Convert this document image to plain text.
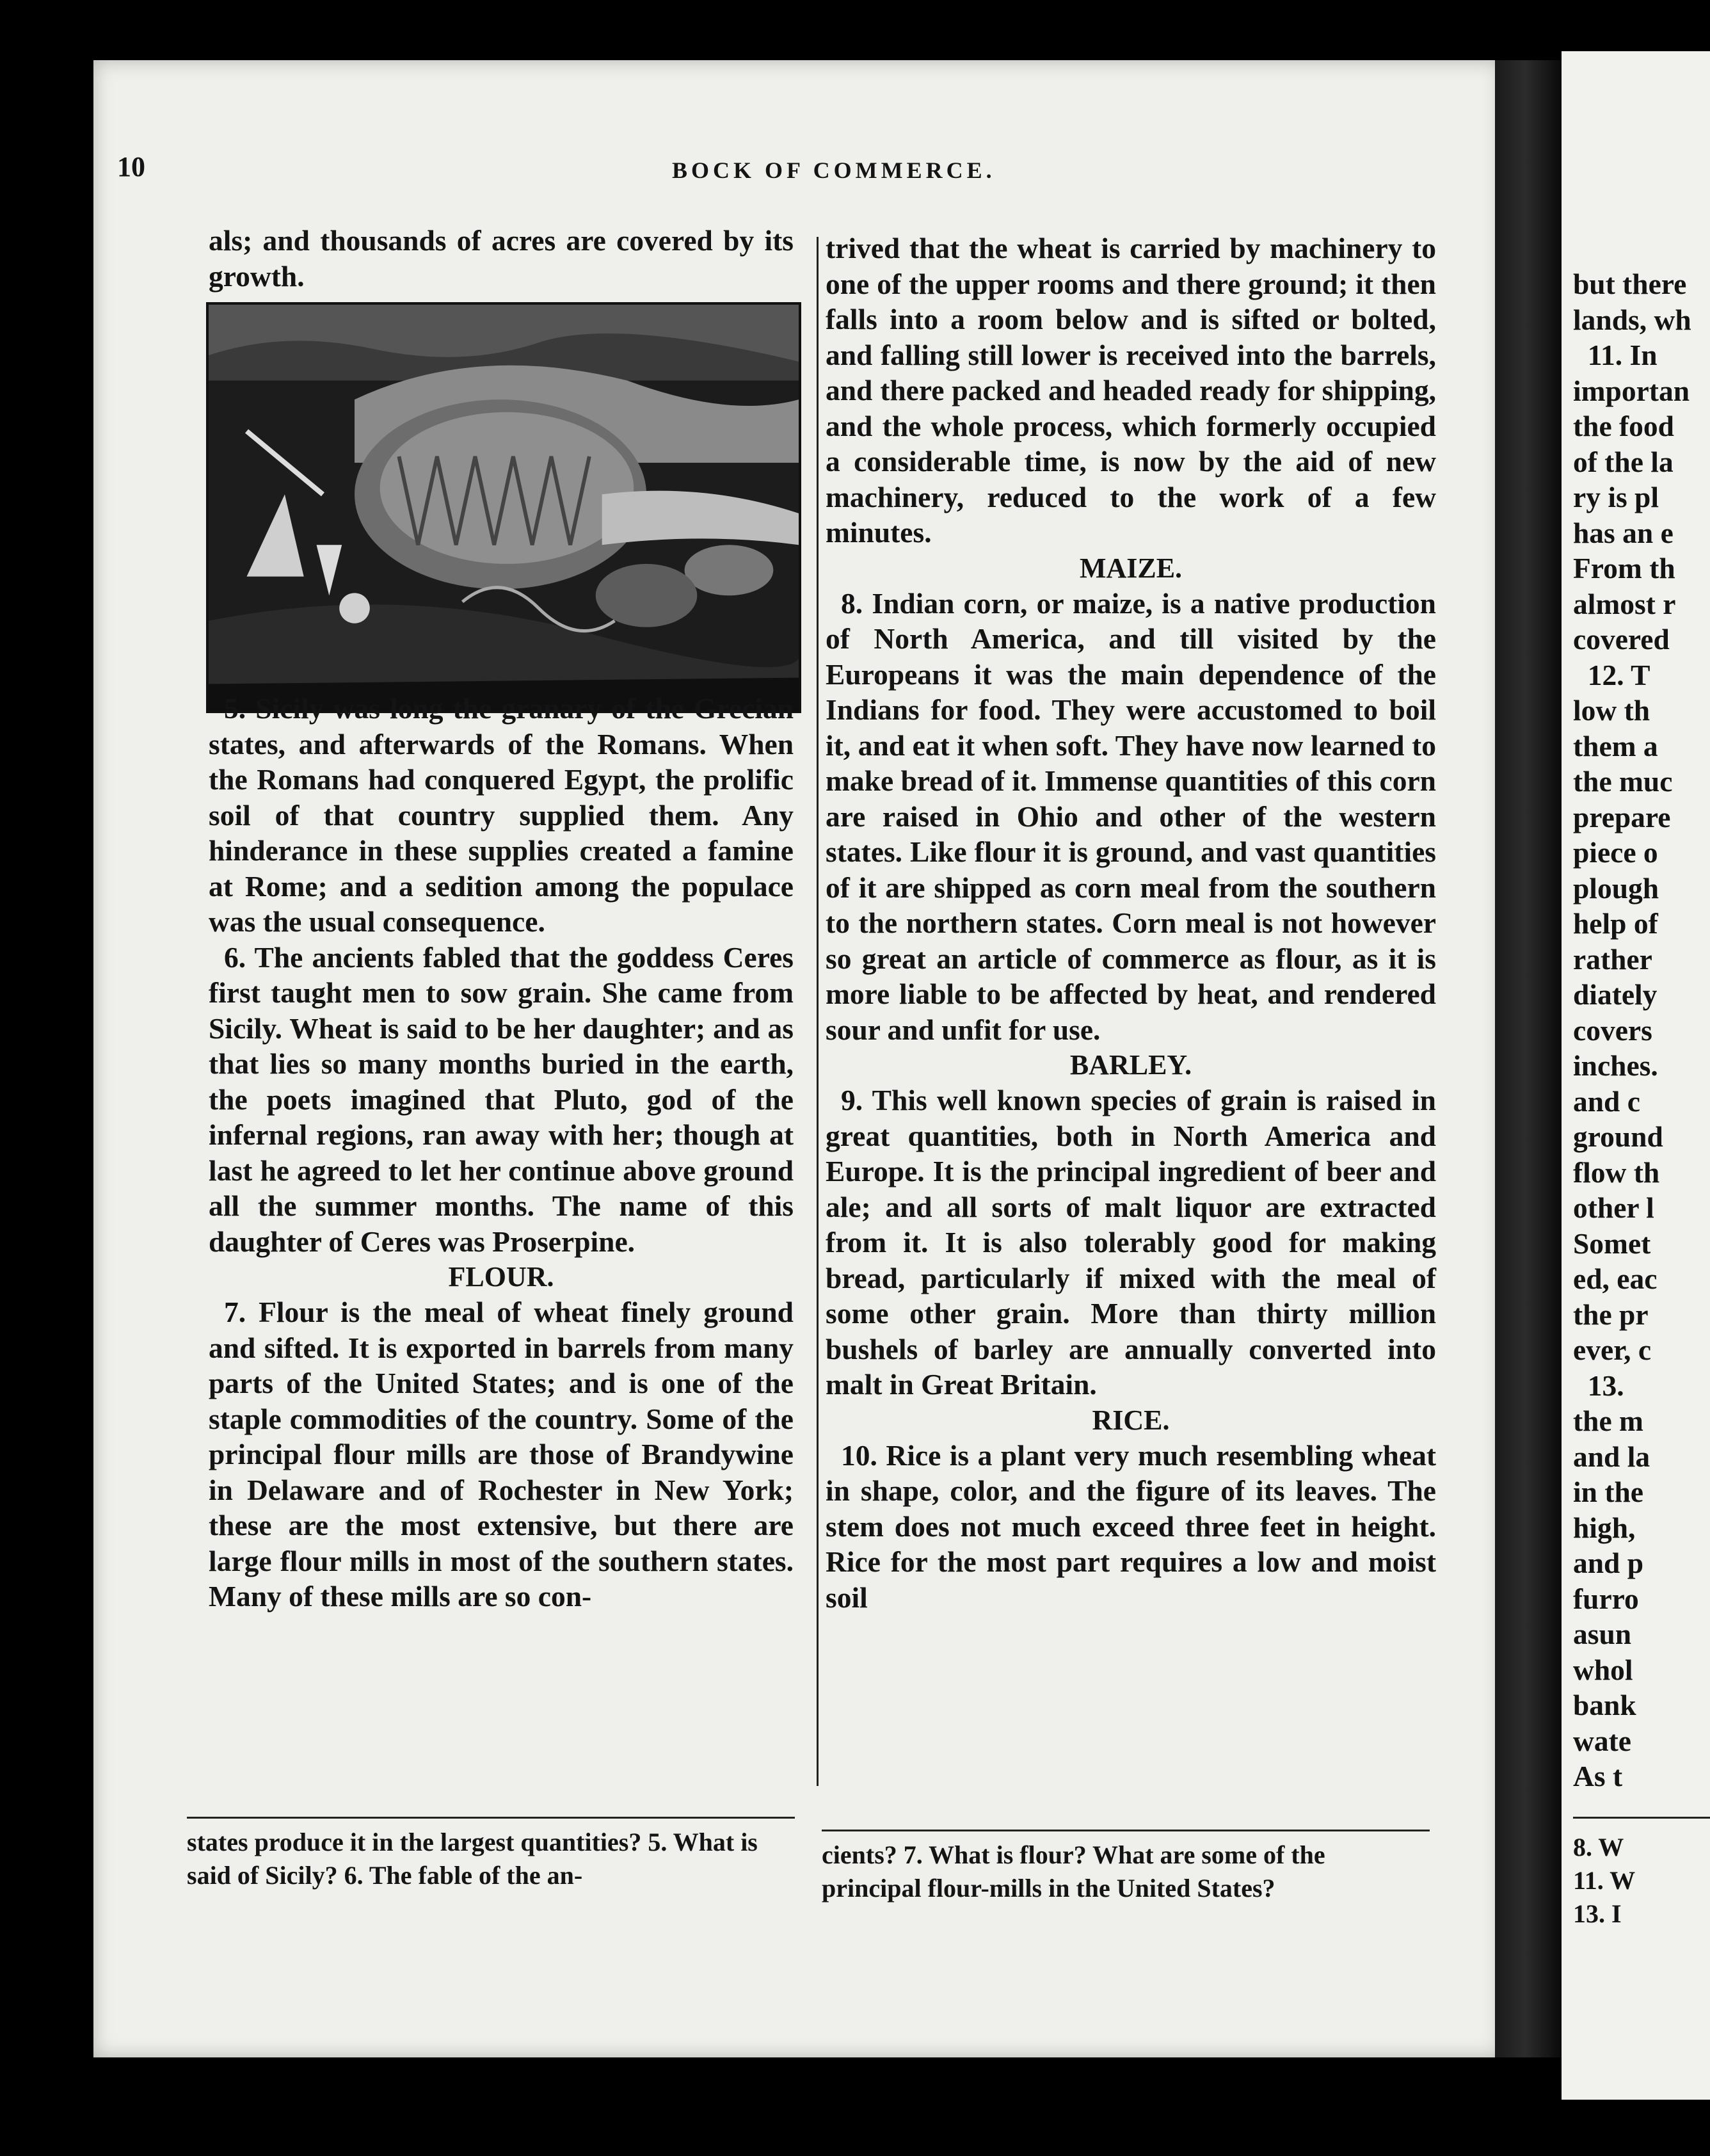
10	BOCK OF COMMERCE.

als; and thousands of acres are covered by its growth.

5. Sicily was long the granary of the Grecian states, and afterwards of the Romans. When the Romans had conquered Egypt, the prolific soil of that country supplied them. Any hinderance in these supplies created a famine at Rome; and a sedition among the populace was the usual consequence.

6. The ancients fabled that the goddess Ceres first taught men to sow grain. She came from Sicily. Wheat is said to be her daughter; and as that lies so many months buried in the earth, the poets imagined that Pluto, god of the infernal regions, ran away with her; though at last he agreed to let her continue above ground all the summer months. The name of this daughter of Ceres was Proserpine.

FLOUR.

7. Flour is the meal of wheat finely ground and sifted. It is exported in barrels from many parts of the United States; and is one of the staple commodities of the country. Some of the principal flour mills are those of Brandywine in Delaware and of Rochester in New York; these are the most extensive, but there are large flour mills in most of the southern states. Many of these mills are so con-

trived that the wheat is carried by machinery to one of the upper rooms and there ground; it then falls into a room below and is sifted or bolted, and falling still lower is received into the barrels, and there packed and headed ready for shipping, and the whole process, which formerly occupied a considerable time, is now by the aid of new machinery, reduced to the work of a few minutes.

MAIZE.

8. Indian corn, or maize, is a native production of North America, and till visited by the Europeans it was the main dependence of the Indians for food. They were accustomed to boil it, and eat it when soft. They have now learned to make bread of it. Immense quantities of this corn are raised in Ohio and other of the western states. Like flour it is ground, and vast quantities of it are shipped as corn meal from the southern to the northern states. Corn meal is not however so great an article of commerce as flour, as it is more liable to be affected by heat, and rendered sour and unfit for use.

BARLEY.

9. This well known species of grain is raised in great quantities, both in North America and Europe. It is the principal ingredient of beer and ale; and all sorts of malt liquor are extracted from it. It is also tolerably good for making bread, particularly if mixed with the meal of some other grain. More than thirty million bushels of barley are annually converted into malt in Great Britain.

RICE.

10. Rice is a plant very much resembling wheat in shape, color, and the figure of its leaves. The stem does not much exceed three feet in height. Rice for the most part requires a low and moist soil

states produce it in the largest quantities? 5. What is said of Sicily? 6. The fable of the an-
cients? 7. What is flour? What are some of the principal flour-mills in the United States?
but there
lands, wh
11. In
importan
the food
of the la
ry is pl
has an e
From th
almost r
covered
12. T
low th
them a
the muc
prepare
piece o
plough
help of
rather
diately
covers
inches.
and c
ground
flow th
other l
Somet
ed, eac
the pr
ever, c
13.
the m
and la
in the
high,
and p
furro
asun
whol
bank
wate
As t
8. W
11. W
13. I
